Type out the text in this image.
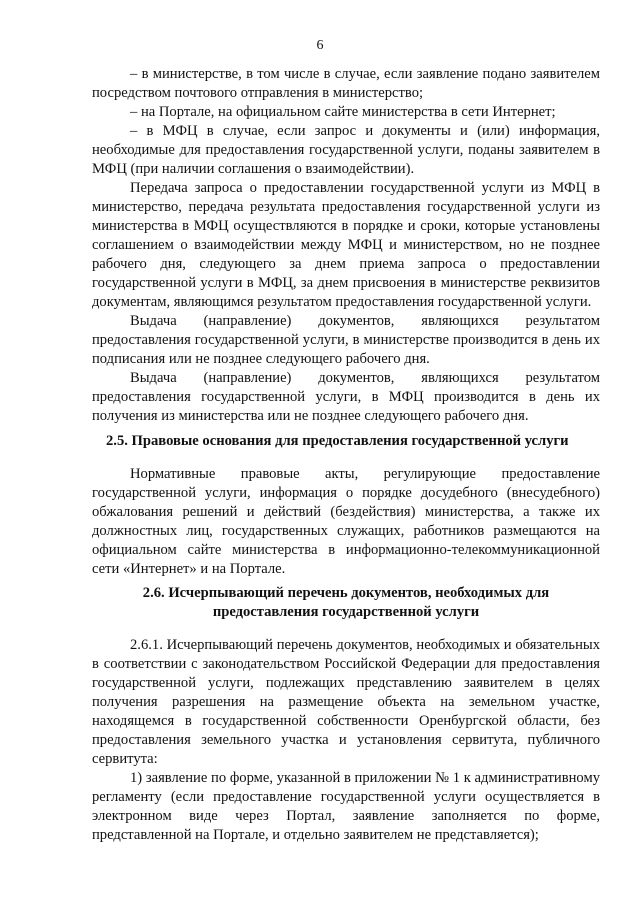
6

– в министерстве, в том числе в случае, если заявление подано заявителем посредством почтового отправления в министерство;

– на Портале, на официальном сайте министерства в сети Интернет;

– в МФЦ в случае, если запрос и документы и (или) информация, необходимые для предоставления государственной услуги, поданы заявителем в МФЦ (при наличии соглашения о взаимодействии).

Передача запроса о предоставлении государственной услуги из МФЦ в министерство, передача результата предоставления государственной услуги из министерства в МФЦ осуществляются в порядке и сроки, которые установлены соглашением о взаимодействии между МФЦ и министерством, но не позднее рабочего дня, следующего за днем приема запроса о предоставлении государственной услуги в МФЦ, за днем присвоения в министерстве реквизитов документам, являющимся результатом предоставления государственной услуги.

Выдача (направление) документов, являющихся результатом предоставления государственной услуги, в министерстве производится в день их подписания или не позднее следующего рабочего дня.

Выдача (направление) документов, являющихся результатом предоставления государственной услуги, в МФЦ производится в день их получения из министерства или не позднее следующего рабочего дня.

2.5. Правовые основания для предоставления государственной услуги

Нормативные правовые акты, регулирующие предоставление государственной услуги, информация о порядке досудебного (внесудебного) обжалования решений и действий (бездействия) министерства, а также их должностных лиц, государственных служащих, работников размещаются на официальном сайте министерства в информационно-телекоммуникационной сети «Интернет» и на Портале.

2.6. Исчерпывающий перечень документов, необходимых для
предоставления государственной услуги

2.6.1. Исчерпывающий перечень документов, необходимых и обязательных в соответствии с законодательством Российской Федерации для предоставления государственной услуги, подлежащих представлению заявителем в целях получения разрешения на размещение объекта на земельном участке, находящемся в государственной собственности Оренбургской области, без предоставления земельного участка и установления сервитута, публичного сервитута:

1) заявление по форме, указанной в приложении № 1 к административному регламенту (если предоставление государственной услуги осуществляется в электронном виде через Портал, заявление заполняется по форме, представленной на Портале, и отдельно заявителем не представляется);
